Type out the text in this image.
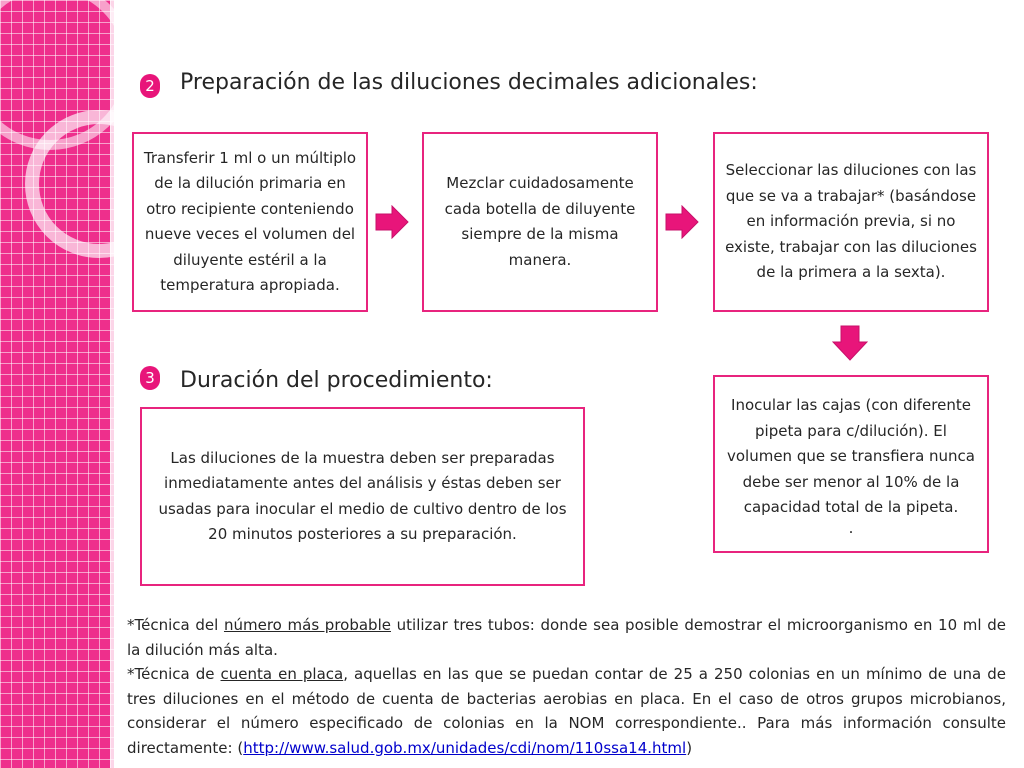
2 Preparación de las diluciones decimales adicionales:
Transferir 1 ml o un múltiplo de la dilución primaria en otro recipiente conteniendo nueve veces el volumen del diluyente estéril a la temperatura apropiada.
Mezclar cuidadosamente cada botella de diluyente siempre de la misma manera.
Seleccionar las diluciones con las que se va a trabajar* (basándose en información previa, si no existe, trabajar con las diluciones de la primera a la sexta).
Inocular las cajas (con diferente pipeta para c/dilución). El volumen que se transfiera nunca debe ser menor al 10% de la capacidad total de la pipeta.
.
3 Duración del procedimiento:
Las diluciones de la muestra deben ser preparadas inmediatamente antes del análisis y éstas deben ser usadas para inocular el medio de cultivo dentro de los 20 minutos posteriores a su preparación.

*Técnica del número más probable utilizar tres tubos: donde sea posible demostrar el microorganismo en 10 ml de la dilución más alta.

*Técnica de cuenta en placa, aquellas en las que se puedan contar de 25 a 250 colonias en un mínimo de una de tres diluciones en el método de cuenta de bacterias aerobias en placa. En el caso de otros grupos microbianos, considerar el número especificado de colonias en la NOM correspondiente.. Para más información consulte directamente: (http://www.salud.gob.mx/unidades/cdi/nom/110ssa14.html)
